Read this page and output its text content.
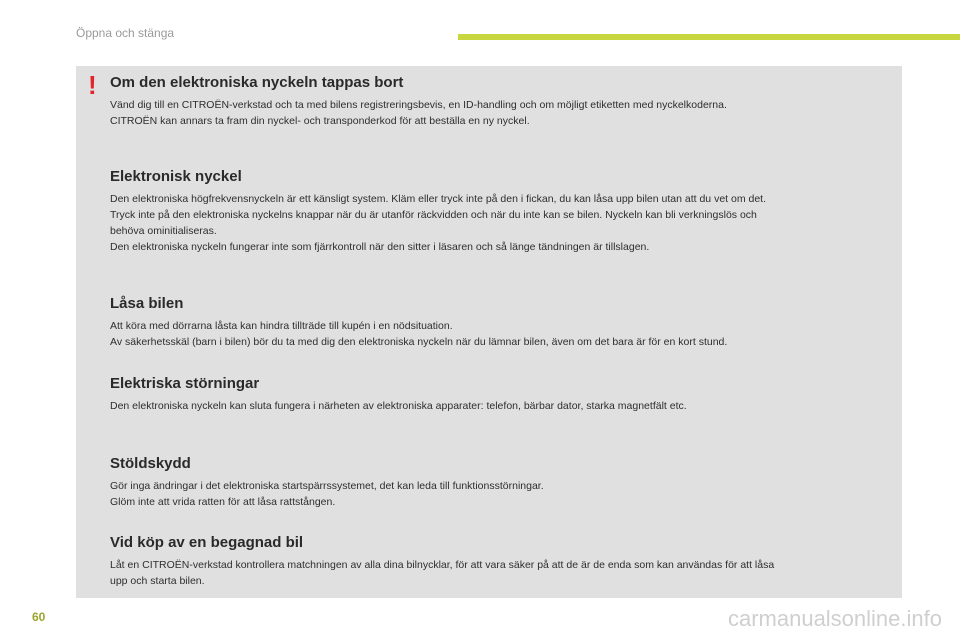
Öppna och stänga
! Om den elektroniska nyckeln tappas bort

Vänd dig till en CITROËN-verkstad och ta med bilens registreringsbevis, en ID-handling och om möjligt etiketten med nyckelkoderna.
CITROËN kan annars ta fram din nyckel- och transponderkod för att beställa en ny nyckel.

Elektronisk nyckel

Den elektroniska högfrekvensnyckeln är ett känsligt system. Kläm eller tryck inte på den i fickan, du kan låsa upp bilen utan att du vet om det.
Tryck inte på den elektroniska nyckelns knappar när du är utanför räckvidden och när du inte kan se bilen. Nyckeln kan bli verkningslös och
behöva ominitialiseras.
Den elektroniska nyckeln fungerar inte som fjärrkontroll när den sitter i läsaren och så länge tändningen är tillslagen.

Låsa bilen

Att köra med dörrarna låsta kan hindra tillträde till kupén i en nödsituation.
Av säkerhetsskäl (barn i bilen) bör du ta med dig den elektroniska nyckeln när du lämnar bilen, även om det bara är för en kort stund.

Elektriska störningar

Den elektroniska nyckeln kan sluta fungera i närheten av elektroniska apparater: telefon, bärbar dator, starka magnetfält etc.

Stöldskydd

Gör inga ändringar i det elektroniska startspärrssystemet, det kan leda till funktionsstörningar.
Glöm inte att vrida ratten för att låsa rattstången.

Vid köp av en begagnad bil

Låt en CITROËN-verkstad kontrollera matchningen av alla dina bilnycklar, för att vara säker på att de är de enda som kan användas för att låsa
upp och starta bilen.

60	carmanualsonline.info
